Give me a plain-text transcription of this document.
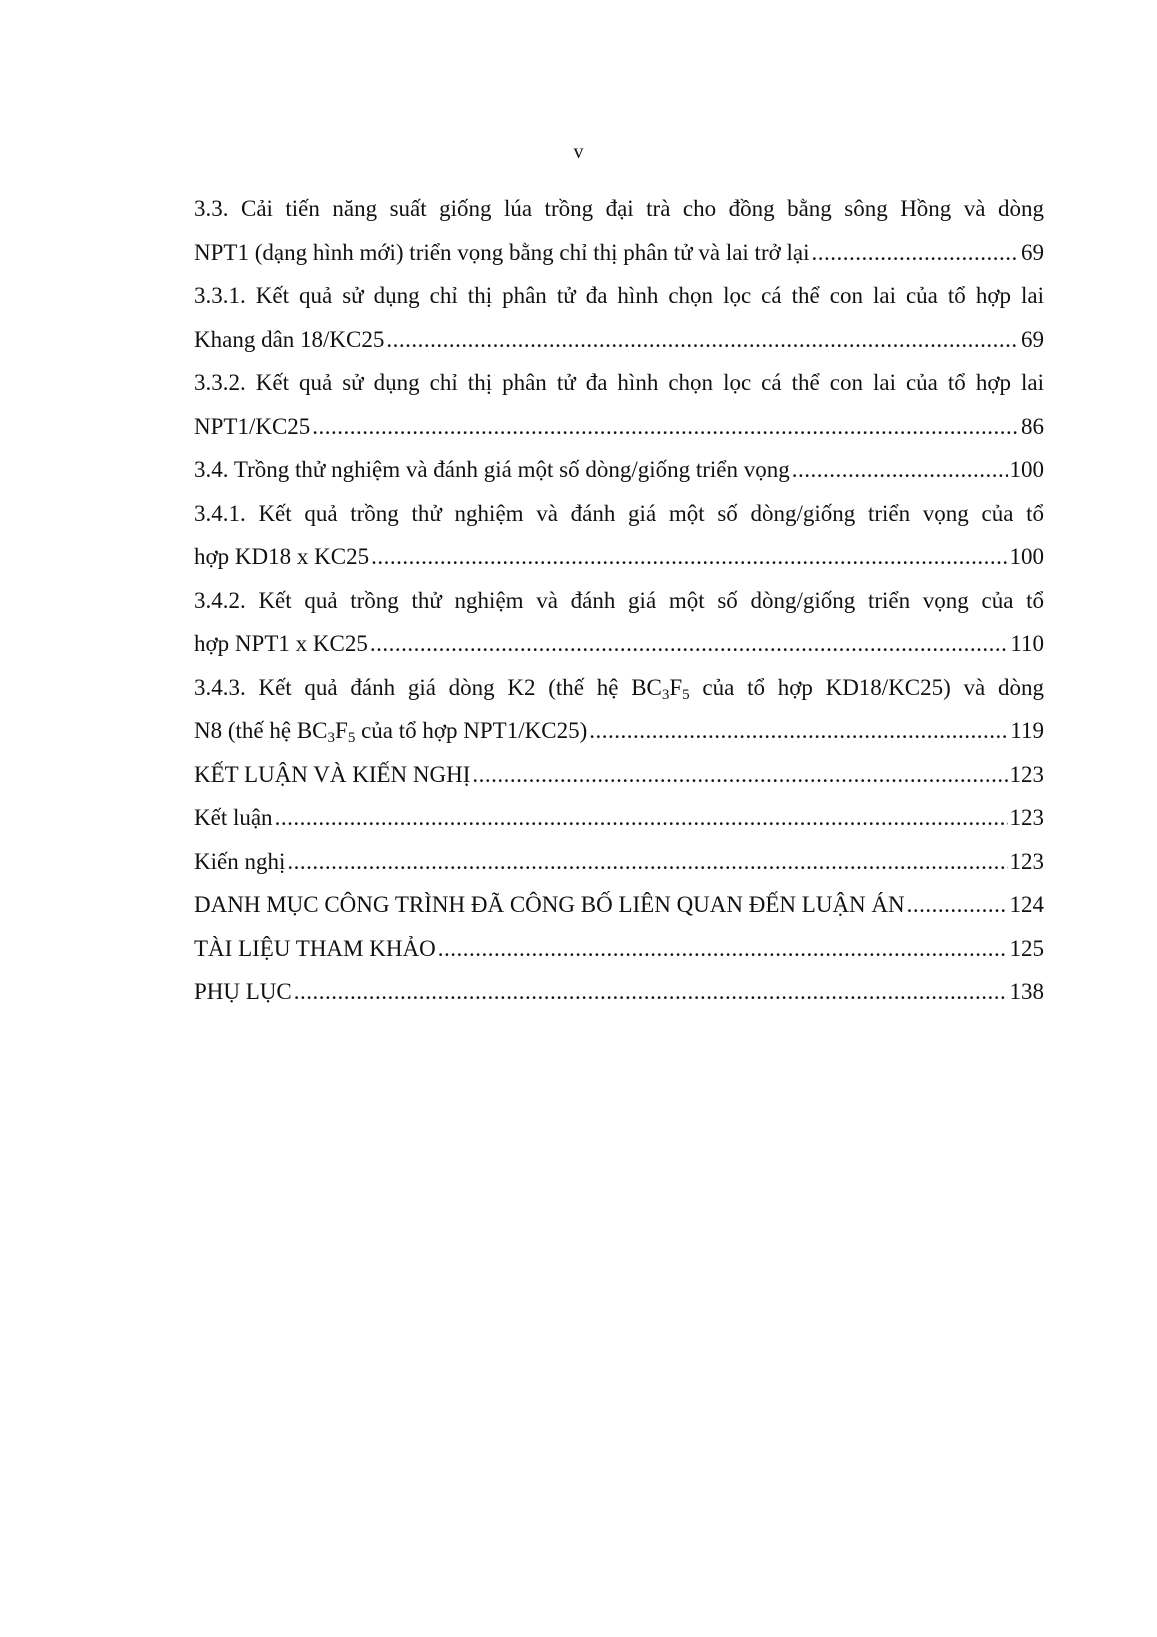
v
3.3. Cải tiến năng suất giống lúa trồng đại trà cho đồng bằng sông Hồng và dòng
NPT1 (dạng hình mới) triển vọng bằng chỉ thị phân tử và lai trở lại .....	69
3.3.1. Kết quả sử dụng chỉ thị phân tử đa hình chọn lọc cá thể con lai của tổ hợp lai
Khang dân 18/KC25 .....	69
3.3.2. Kết quả sử dụng chỉ thị phân tử đa hình chọn lọc cá thể con lai của tổ hợp lai
NPT1/KC25 .....	86
3.4. Trồng thử nghiệm và đánh giá một số dòng/giống triển vọng .....	100
3.4.1. Kết quả trồng thử nghiệm và đánh giá một số dòng/giống triển vọng của tổ
hợp KD18 x KC25 .....	100
3.4.2. Kết quả trồng thử nghiệm và đánh giá một số dòng/giống triển vọng của tổ
hợp NPT1 x KC25 .....	110
3.4.3. Kết quả đánh giá dòng K2 (thế hệ $BC_3F_5$ của tổ hợp KD18/KC25) và dòng
N8 (thế hệ $BC_3F_5$ của tổ hợp NPT1/KC25) .....	119
KẾT LUẬN VÀ KIẾN NGHỊ .....	123
Kết luận .....	123
Kiến nghị .....	123
DANH MỤC CÔNG TRÌNH ĐÃ CÔNG BỐ LIÊN QUAN ĐẾN LUẬN ÁN .....	124
TÀI LIỆU THAM KHẢO .....	125
PHỤ LỤC .....	138
